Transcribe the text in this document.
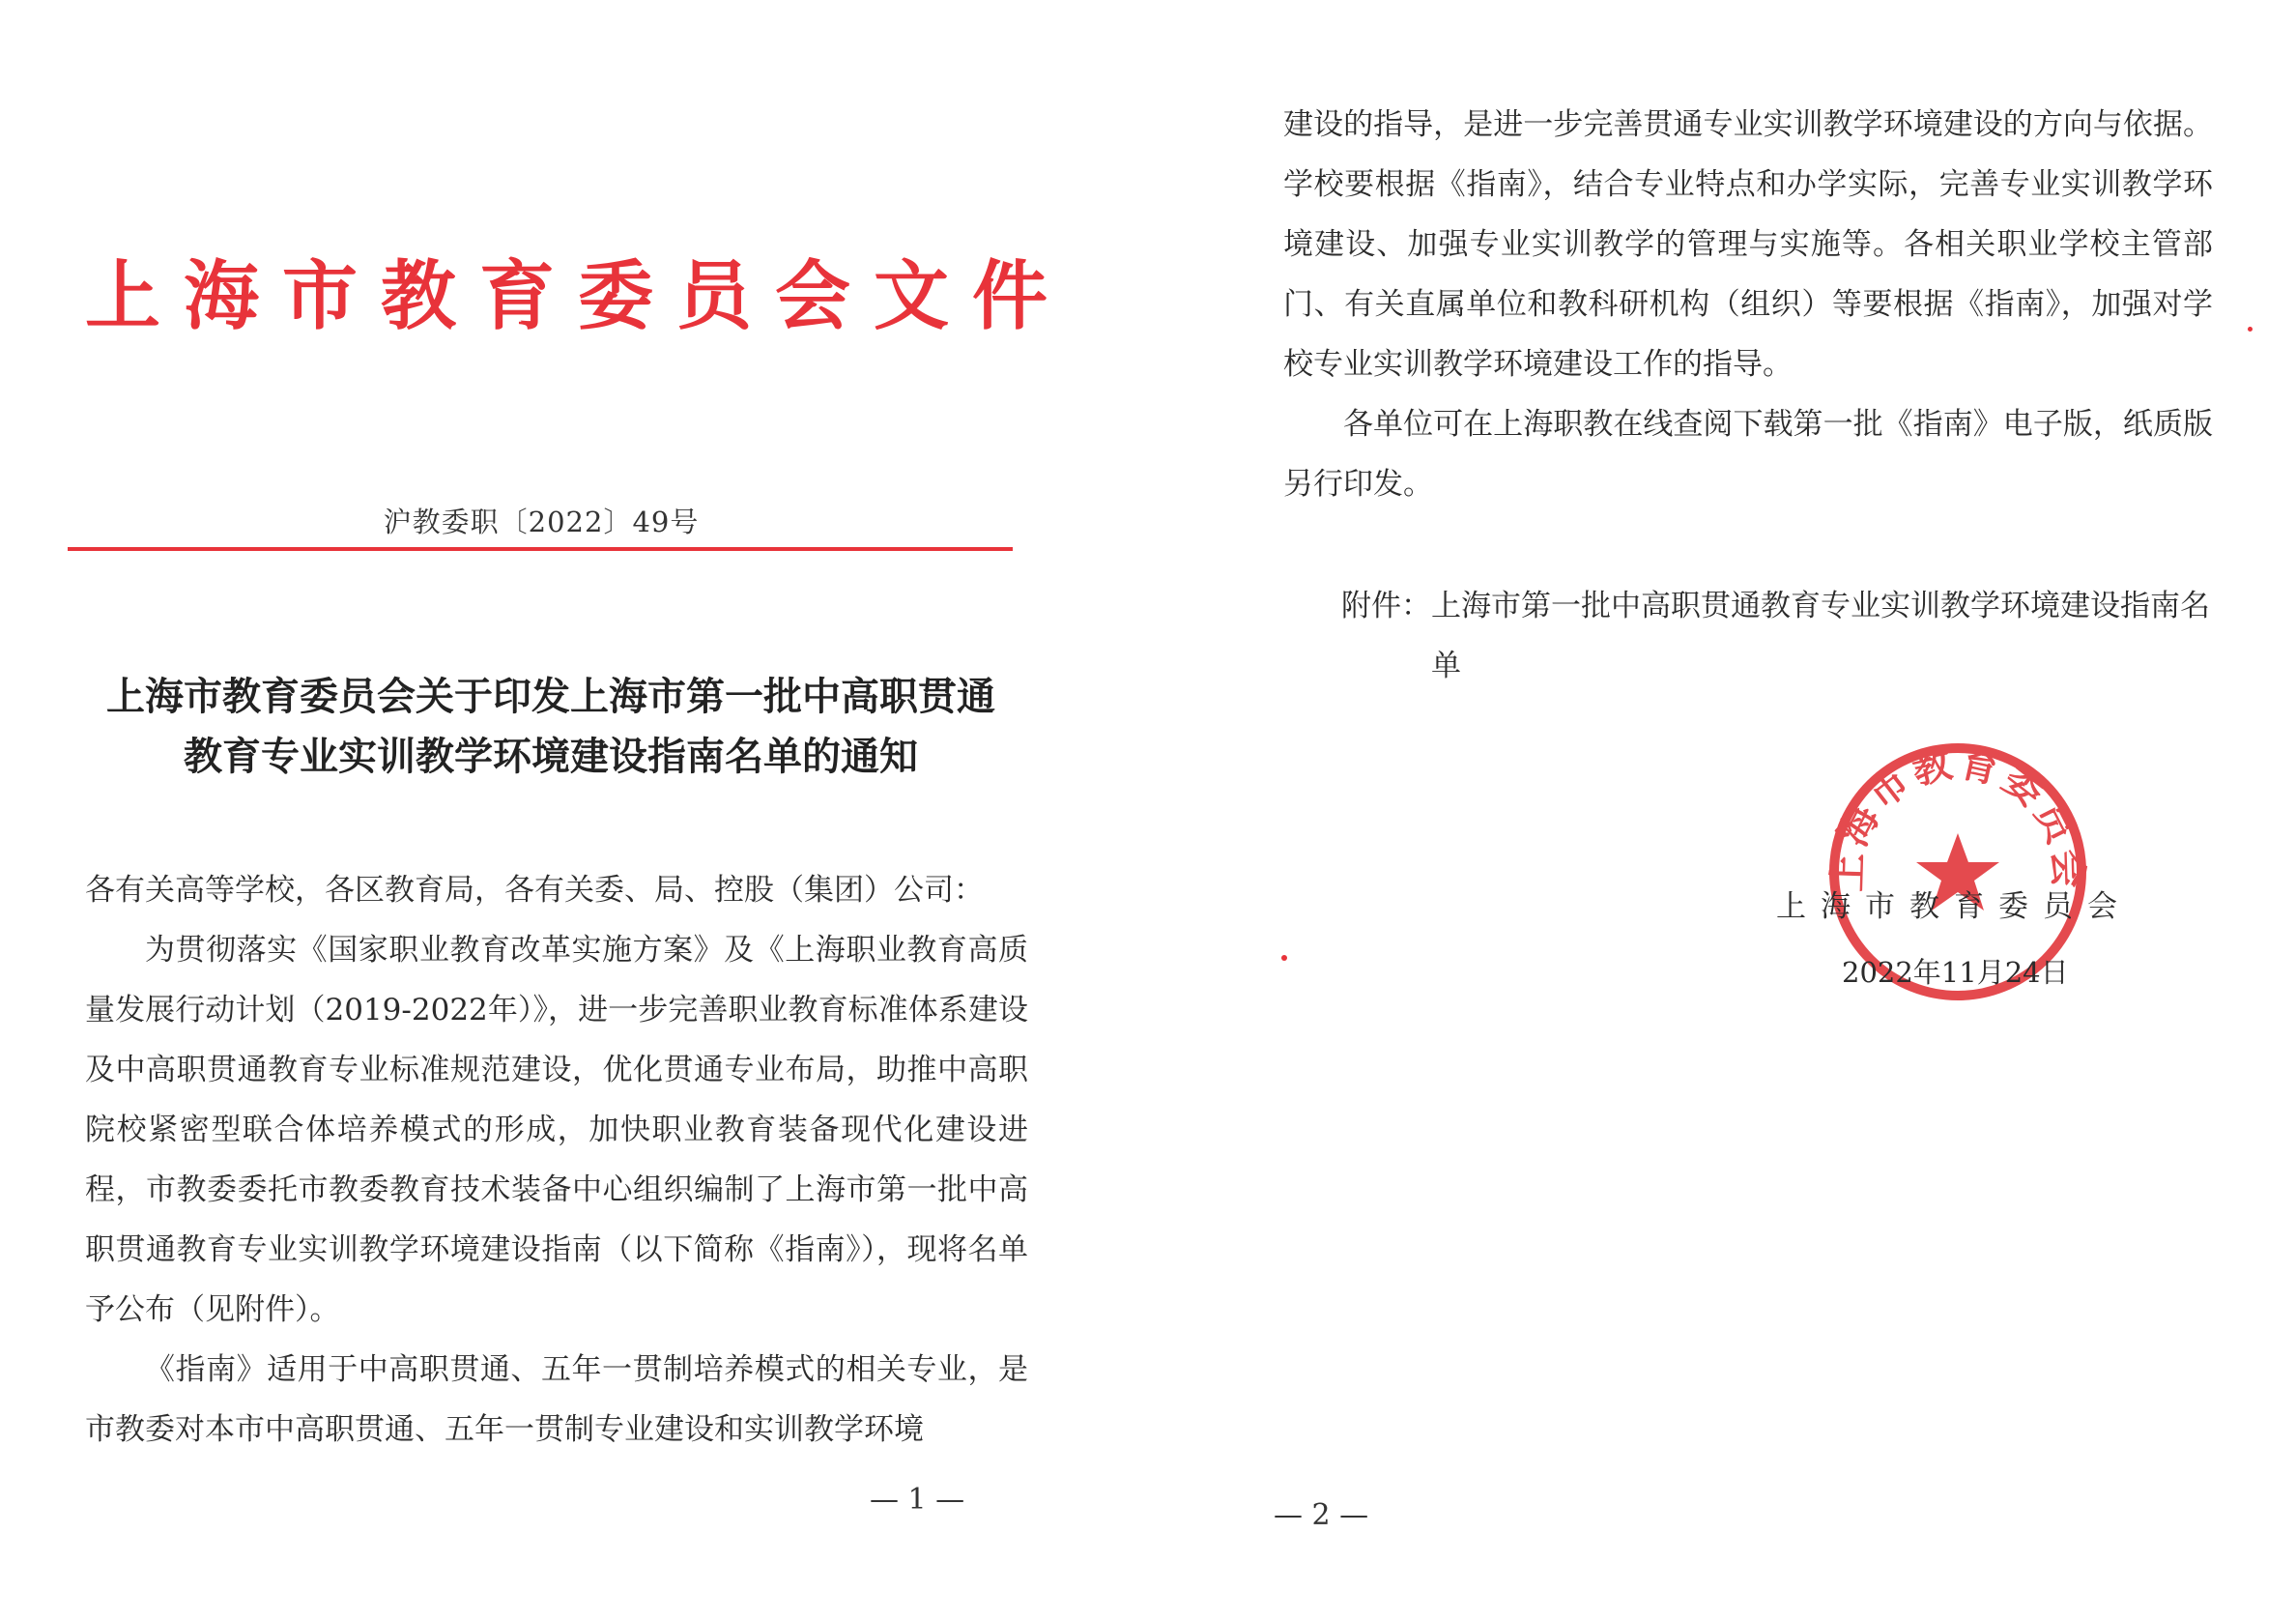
上海市教育委员会文件
沪教委职〔2022〕49号
上海市教育委员会关于印发上海市第一批中高职贯通
教育专业实训教学环境建设指南名单的通知

各有关高等学校，各区教育局，各有关委、局、控股（集团）公司：

为贯彻落实《国家职业教育改革实施方案》及《上海职业教育高质量发展行动计划（2019-2022年）》，进一步完善职业教育标准体系建设及中高职贯通教育专业标准规范建设，优化贯通专业布局，助推中高职院校紧密型联合体培养模式的形成，加快职业教育装备现代化建设进程，市教委委托市教委教育技术装备中心组织编制了上海市第一批中高职贯通教育专业实训教学环境建设指南（以下简称《指南》），现将名单予公布（见附件）。

《指南》适用于中高职贯通、五年一贯制培养模式的相关专业，是市教委对本市中高职贯通、五年一贯制专业建设和实训教学环境

— 1 —

建设的指导，是进一步完善贯通专业实训教学环境建设的方向与依据。学校要根据《指南》，结合专业特点和办学实际，完善专业实训教学环境建设、加强专业实训教学的管理与实施等。各相关职业学校主管部门、有关直属单位和教科研机构（组织）等要根据《指南》，加强对学校专业实训教学环境建设工作的指导。

各单位可在上海职教在线查阅下载第一批《指南》电子版，纸质版另行印发。

附件： 上海市第一批中高职贯通教育专业实训教学环境建设指南名单
上海市教育委员会
上海市教育委员会
2022年11月24日
— 2 —
